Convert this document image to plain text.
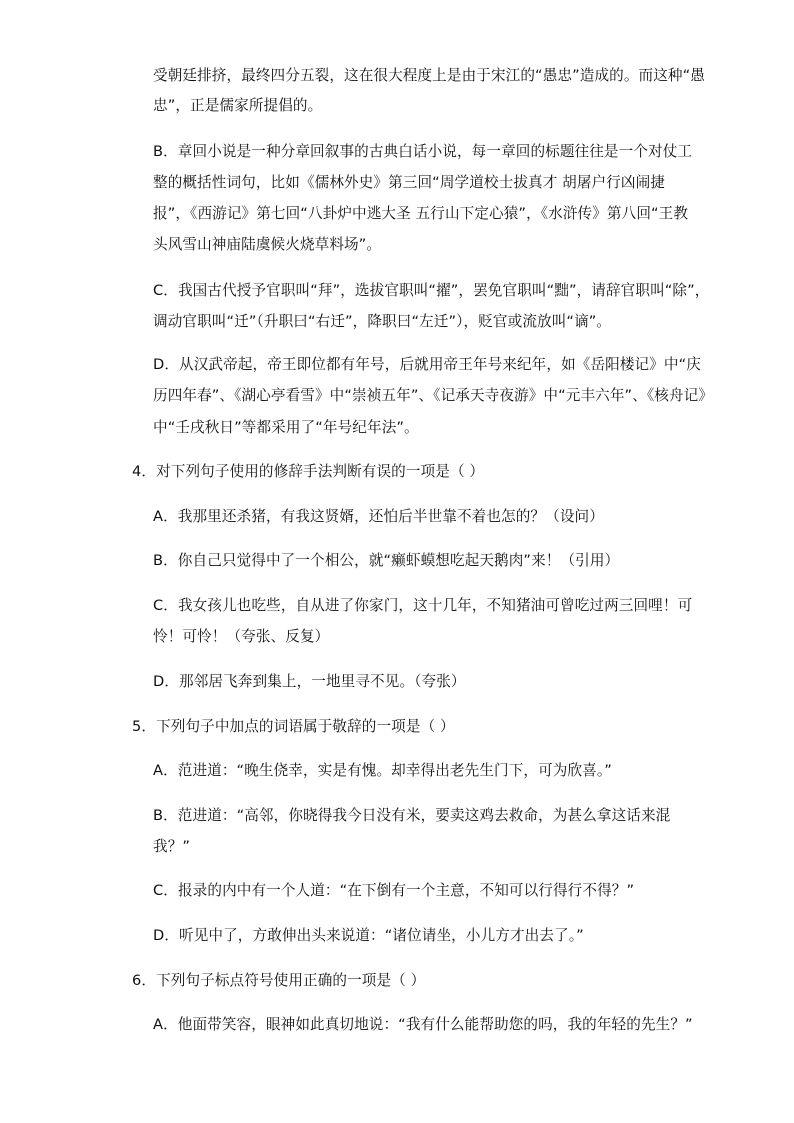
受朝廷排挤，最终四分五裂，这在很大程度上是由于宋江的“愚忠”造成的。而这种“愚
忠”，正是儒家所提倡的。
B．章回小说是一种分章回叙事的古典白话小说，每一章回的标题往往是一个对仗工
整的概括性词句，比如《儒林外史》第三回“周学道校士拔真才 胡屠户行凶闹捷
报”，《西游记》第七回“八卦炉中逃大圣 五行山下定心猿”，《水浒传》第八回“王教
头风雪山神庙陆虞候火烧草料场”。
C．我国古代授予官职叫“拜”，选拔官职叫“擢”，罢免官职叫“黜”，请辞官职叫“除”，
调动官职叫“迁”（升职曰“右迁”，降职曰“左迁”），贬官或流放叫“谪”。
D．从汉武帝起，帝王即位都有年号，后就用帝王年号来纪年，如《岳阳楼记》中“庆
历四年春”、《湖心亭看雪》中“崇祯五年”、《记承天寺夜游》中“元丰六年”、《核舟记》
中“壬戌秋日”等都采用了“年号纪年法”。
4．对下列句子使用的修辞手法判断有误的一项是（ ）
A．我那里还杀猪，有我这贤婿，还怕后半世靠不着也怎的？（设问）
B．你自己只觉得中了一个相公，就“癞虾蟆想吃起天鹅肉”来！（引用）
C．我女孩儿也吃些，自从进了你家门，这十几年，不知猪油可曾吃过两三回哩！可
怜！可怜！（夸张、反复）
D．那邻居飞奔到集上，一地里寻不见。（夸张）
5．下列句子中加点的词语属于敬辞的一项是（ ）
A．范进道：“晚生侥幸，实是有愧。却幸得出老先生门下，可为欣喜。”
B．范进道：“高邻，你晓得我今日没有米，要卖这鸡去救命，为甚么拿这话来混
我？”
C．报录的内中有一个人道：“在下倒有一个主意，不知可以行得行不得？”
D．听见中了，方敢伸出头来说道：“诸位请坐，小儿方才出去了。”
6．下列句子标点符号使用正确的一项是（ ）
A．他面带笑容，眼神如此真切地说：“我有什么能帮助您的吗，我的年轻的先生？”
